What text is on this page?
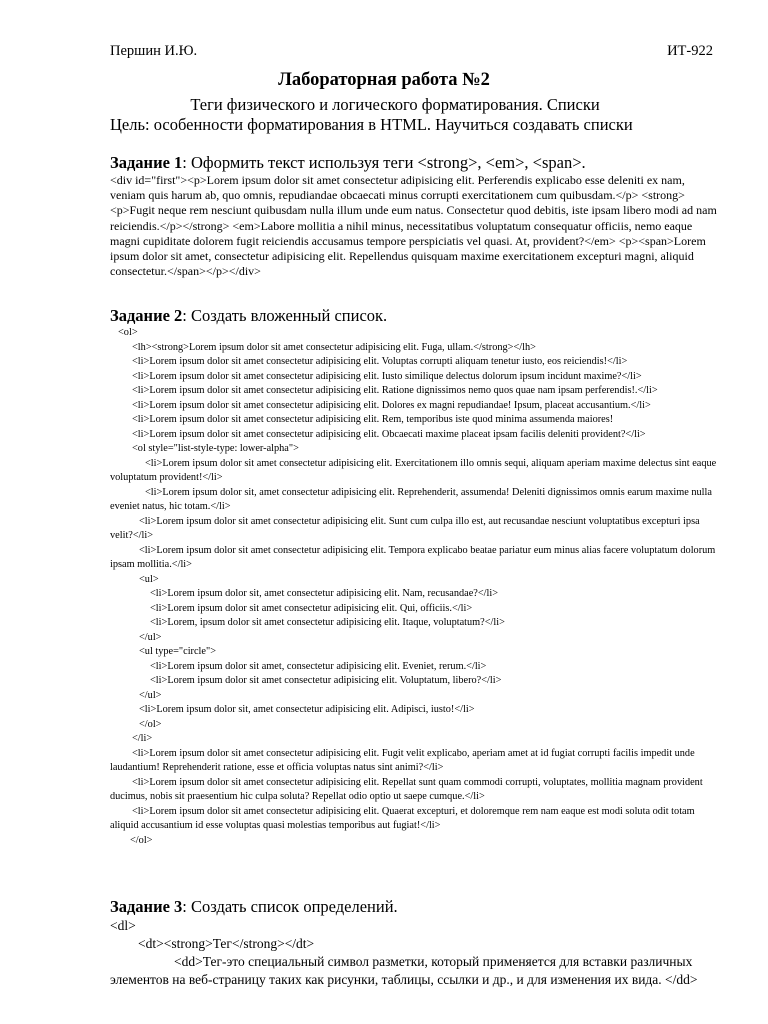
Першин И.Ю.	ИТ-922
Лабораторная работа №2
Теги физического и логического форматирования. Списки
Цель: особенности форматирования в HTML. Научиться создавать списки
Задание 1: Оформить текст используя теги <strong>, <em>, <span>.

<div id="first"><p>Lorem ipsum dolor sit amet consectetur adipisicing elit. Perferendis explicabo esse deleniti ex nam, veniam quis harum ab, quo omnis, repudiandae obcaecati minus corrupti exercitationem cum quibusdam.</p> <strong><p>Fugit neque rem nesciunt quibusdam nulla illum unde eum natus. Consectetur quod debitis, iste ipsam libero modi ad nam reiciendis.</p></strong> <em>Labore mollitia a nihil minus, necessitatibus voluptatum consequatur officiis, nemo eaque magni cupiditate dolorem fugit reiciendis accusamus tempore perspiciatis vel quasi. At, provident?</em> <p><span>Lorem ipsum dolor sit amet, consectetur adipisicing elit. Repellendus quisquam maxime exercitationem excepturi magni, aliquid consectetur.</span></p></div>

Задание 2: Создать вложенный список.
<ol>
<lh><strong>Lorem ipsum dolor sit amet consectetur adipisicing elit. Fuga, ullam.</strong></lh>
<li>Lorem ipsum dolor sit amet consectetur adipisicing elit. Voluptas corrupti aliquam tenetur iusto, eos reiciendis!</li>
<li>Lorem ipsum dolor sit amet consectetur adipisicing elit. Iusto similique delectus dolorum ipsum incidunt maxime?</li>
<li>Lorem ipsum dolor sit amet consectetur adipisicing elit. Ratione dignissimos nemo quos quae nam ipsam perferendis!.</li>
<li>Lorem ipsum dolor sit amet consectetur adipisicing elit. Dolores ex magni repudiandae! Ipsum, placeat accusantium.</li>
<li>Lorem ipsum dolor sit amet consectetur adipisicing elit. Rem, temporibus iste quod minima assumenda maiores!
<li>Lorem ipsum dolor sit amet consectetur adipisicing elit. Obcaecati maxime placeat ipsam facilis deleniti provident?</li>
<ol style="list-style-type: lower-alpha">
<li>Lorem ipsum dolor sit amet consectetur adipisicing elit. Exercitationem illo omnis sequi, aliquam aperiam maxime delectus sint eaque voluptatum provident!</li>
<li>Lorem ipsum dolor sit, amet consectetur adipisicing elit. Reprehenderit, assumenda! Deleniti dignissimos omnis earum maxime nulla eveniet natus, hic totam.</li>
<li>Lorem ipsum dolor sit amet consectetur adipisicing elit. Sunt cum culpa illo est, aut recusandae nesciunt voluptatibus excepturi ipsa velit?</li>
<li>Lorem ipsum dolor sit amet consectetur adipisicing elit. Tempora explicabo beatae pariatur eum minus alias facere voluptatum dolorum ipsam mollitia.</li>
<ul>
<li>Lorem ipsum dolor sit, amet consectetur adipisicing elit. Nam, recusandae?</li>
<li>Lorem ipsum dolor sit amet consectetur adipisicing elit. Qui, officiis.</li>
<li>Lorem, ipsum dolor sit amet consectetur adipisicing elit. Itaque, voluptatum?</li>
</ul>
<ul type="circle">
<li>Lorem ipsum dolor sit amet, consectetur adipisicing elit. Eveniet, rerum.</li>
<li>Lorem ipsum dolor sit amet consectetur adipisicing elit. Voluptatum, libero?</li>
</ul>
<li>Lorem ipsum dolor sit, amet consectetur adipisicing elit. Adipisci, iusto!</li>
</ol>
</li>
<li>Lorem ipsum dolor sit amet consectetur adipisicing elit. Fugit velit explicabo, aperiam amet at id fugiat corrupti facilis impedit unde laudantium! Reprehenderit ratione, esse et officia voluptas natus sint animi?</li>
<li>Lorem ipsum dolor sit amet consectetur adipisicing elit. Repellat sunt quam commodi corrupti, voluptates, mollitia magnam provident ducimus, nobis sit praesentium hic culpa soluta? Repellat odio optio ut saepe cumque.</li>
<li>Lorem ipsum dolor sit amet consectetur adipisicing elit. Quaerat excepturi, et doloremque rem nam eaque est modi soluta odit totam aliquid accusantium id esse voluptas quasi molestias temporibus aut fugiat!</li>
</ol>
Задание 3: Создать список определений.
<dl>
<dt><strong>Тег</strong></dt>
<dd>Тег-это специальный символ разметки, который применяется для вставки различных элементов на веб-страницу таких как рисунки, таблицы, ссылки и др., и для изменения их вида. </dd>
